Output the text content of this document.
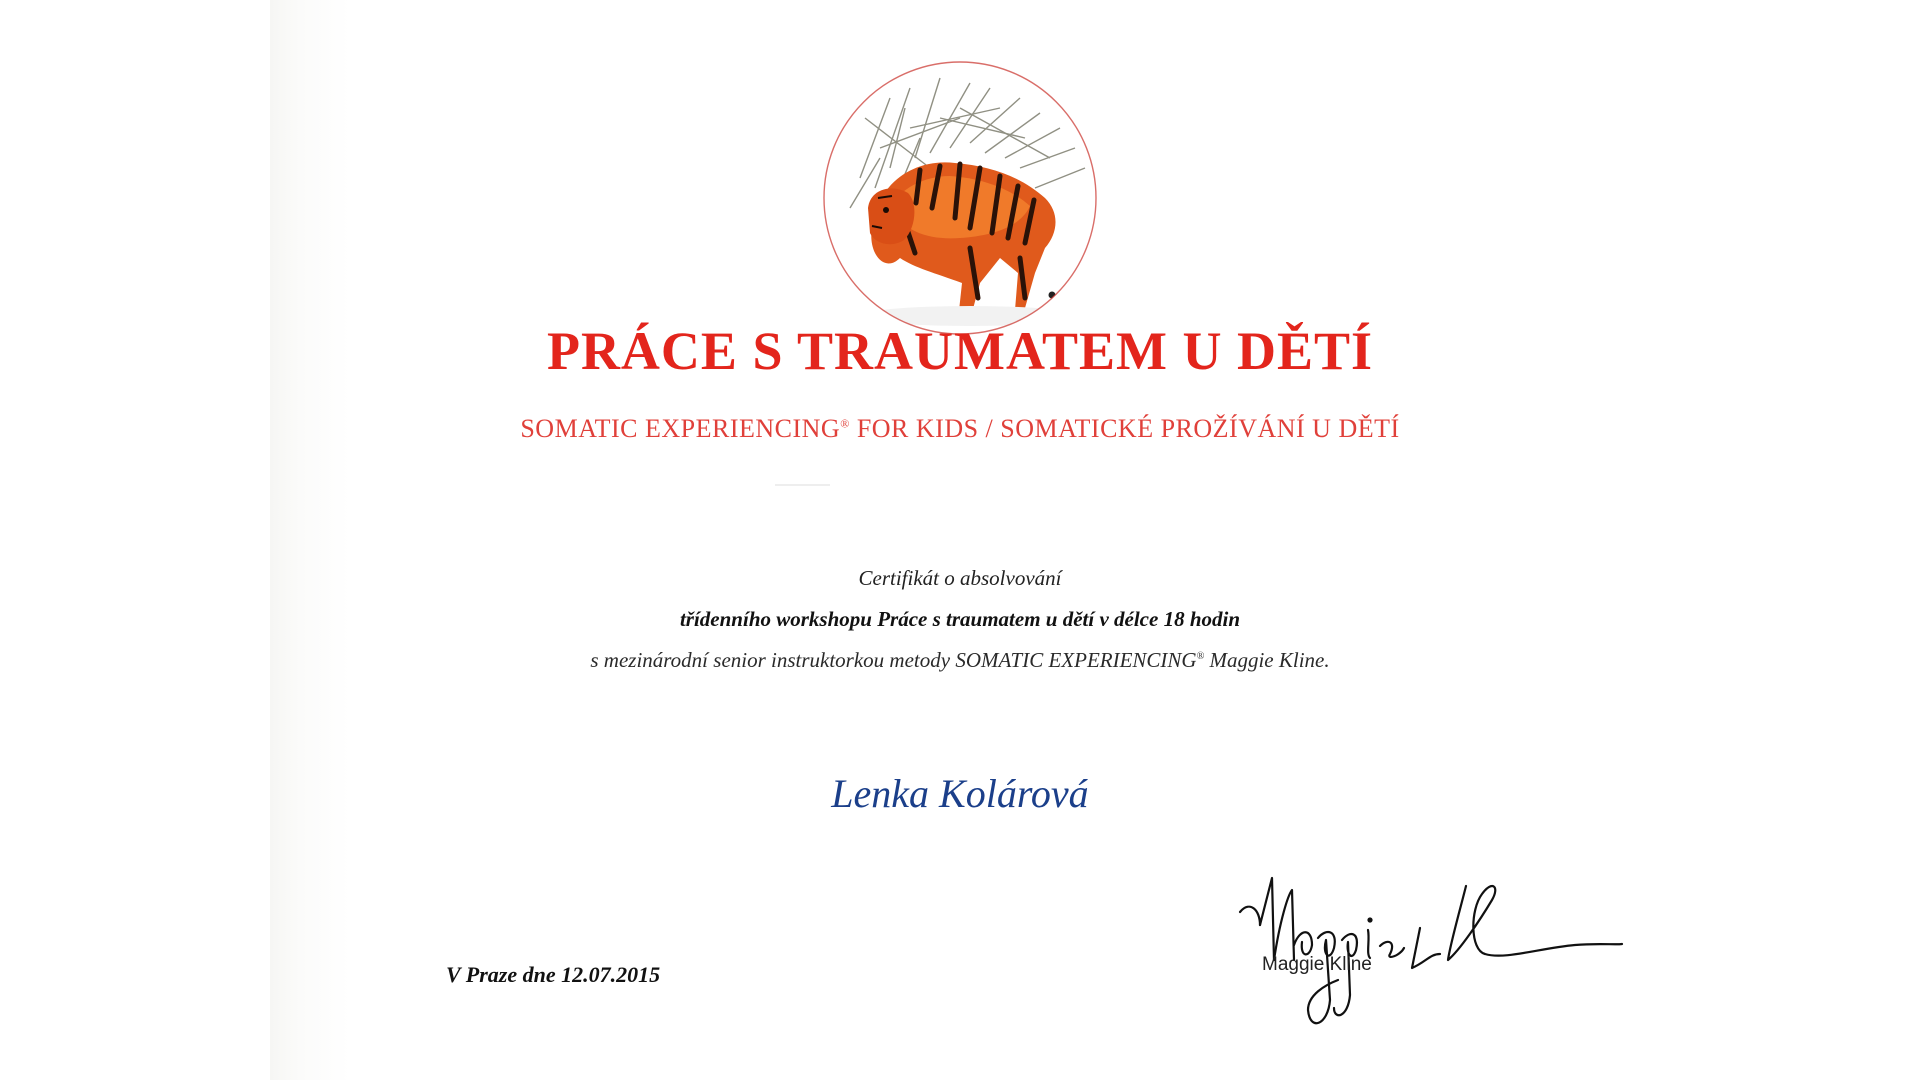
PRÁCE S TRAUMATEM U DĚTÍ
SOMATIC EXPERIENCING® FOR KIDS / SOMATICKÉ PROŽÍVÁNÍ U DĚTÍ
Certifikát o absolvování
třídenního workshopu Práce s traumatem u dětí v délce 18 hodin
s mezinárodní senior instruktorkou metody SOMATIC EXPERIENCING® Maggie Kline.
Lenka Kolárová
V Praze dne 12.07.2015	Maggie Kline
